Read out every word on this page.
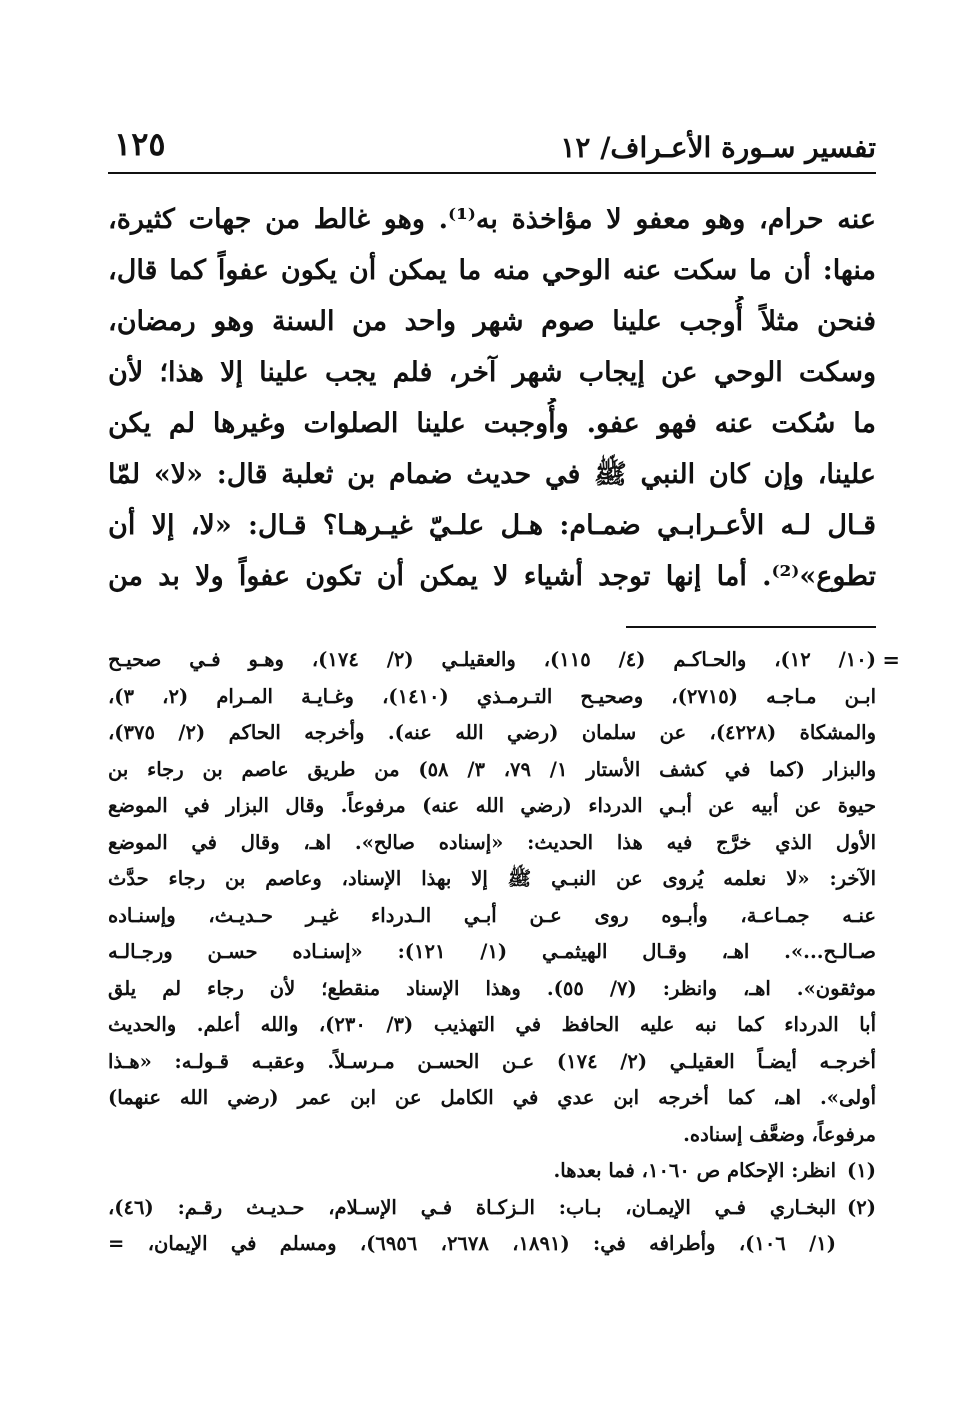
تفسير سـورة الأعـراف/ ١٢
١٢٥
عنه حرام، وهو معفو لا مؤاخذة به⁽¹⁾. وهو غالط من جهات كثيرة،
منها: أن ما سكت عنه الوحي منه ما يمكن أن يكون عفواً كما قال،
فنحن مثلاً أُوجب علينا صوم شهر واحد من السنة وهو رمضان،
وسكت الوحي عن إيجاب شهر آخر، فلم يجب علينا إلا هذا؛ لأن
ما سُكت عنه فهو عفو. وأُوجبت علينا الصلوات وغيرها لم يكن
علينا، وإن كان النبي ﷺ في حديث ضمام بن ثعلبة قال: «لا» لمّا
قـال لـه الأعـرابـي ضمـام: هـل علـيّ غيـرهـا؟ قـال: «لا، إلا أن
تطوع»⁽²⁾. أما إنها توجد أشياء لا يمكن أن تكون عفواً ولا بد من
=
(١٠/ ١٢)، والحـاكـم (٤/ ١١٥)، والعقيلـي (٢/ ١٧٤)، وهـو فـي صحيـح
ابـن مـاجـه (٢٧١٥)، وصحيـح التـرمـذي (١٤١٠)، وغـايـة المـرام (٢، ٣)،
والمشكاة (٤٢٢٨)، عن سلمان (رضي الله عنه). وأخرجه الحاكم (٢/ ٣٧٥)،
والبزار (كما في كشف الأستار ١/ ٧٩، ٣/ ٥٨) من طريق عاصم بن رجاء بن
حيوة عن أبيه عن أبـي الدرداء (رضي الله عنه) مرفوعاً. وقال البزار في الموضع
الأول الذي خرَّج فيه هذا الحديث: «إسناده صالح». اهـ، وقال في الموضع
الآخر: «لا نعلمه يُروى عن النبـي ﷺ إلا بهذا الإسناد، وعاصم بن رجاء حدَّث
عنـه جمـاعـة، وأبـوه روى عـن أبـي الـدرداء غيـر حـديـث، وإسنـاده
صـالـح...». اهـ، وقـال الهيثمـي (١/ ١٢١): «إسنـاده حسـن ورجـالـه
موثقون». اهـ، وانظر: (٧/ ٥٥). وهذا الإسناد منقطع؛ لأن رجاء لم يلق
أبا الدرداء كما نبه عليه الحافظ في التهذيب (٣/ ٢٣٠)، والله أعلم. والحديث
أخرجـه أيضـاً العقيلـي (٢/ ١٧٤) عـن الحسـن مـرسـلاً. وعقبـه قـولـه: «هـذا
أولى». اهـ، كما أخرجه ابن عدي في الكامل عن ابن عمر (رضي الله عنهما)
مرفوعاً، وضعَّف إسناده.
(١)
انظر: الإحكام ص ١٠٦٠، فما بعدها.
(٢)
البخـاري فـي الإيمـان، بـاب: الـزكـاة فـي الإسـلام، حـديـث رقـم: (٤٦)،
(١/ ١٠٦)، وأطرافه في: (١٨٩١، ٢٦٧٨، ٦٩٥٦)، ومسلم في الإيمان، =
